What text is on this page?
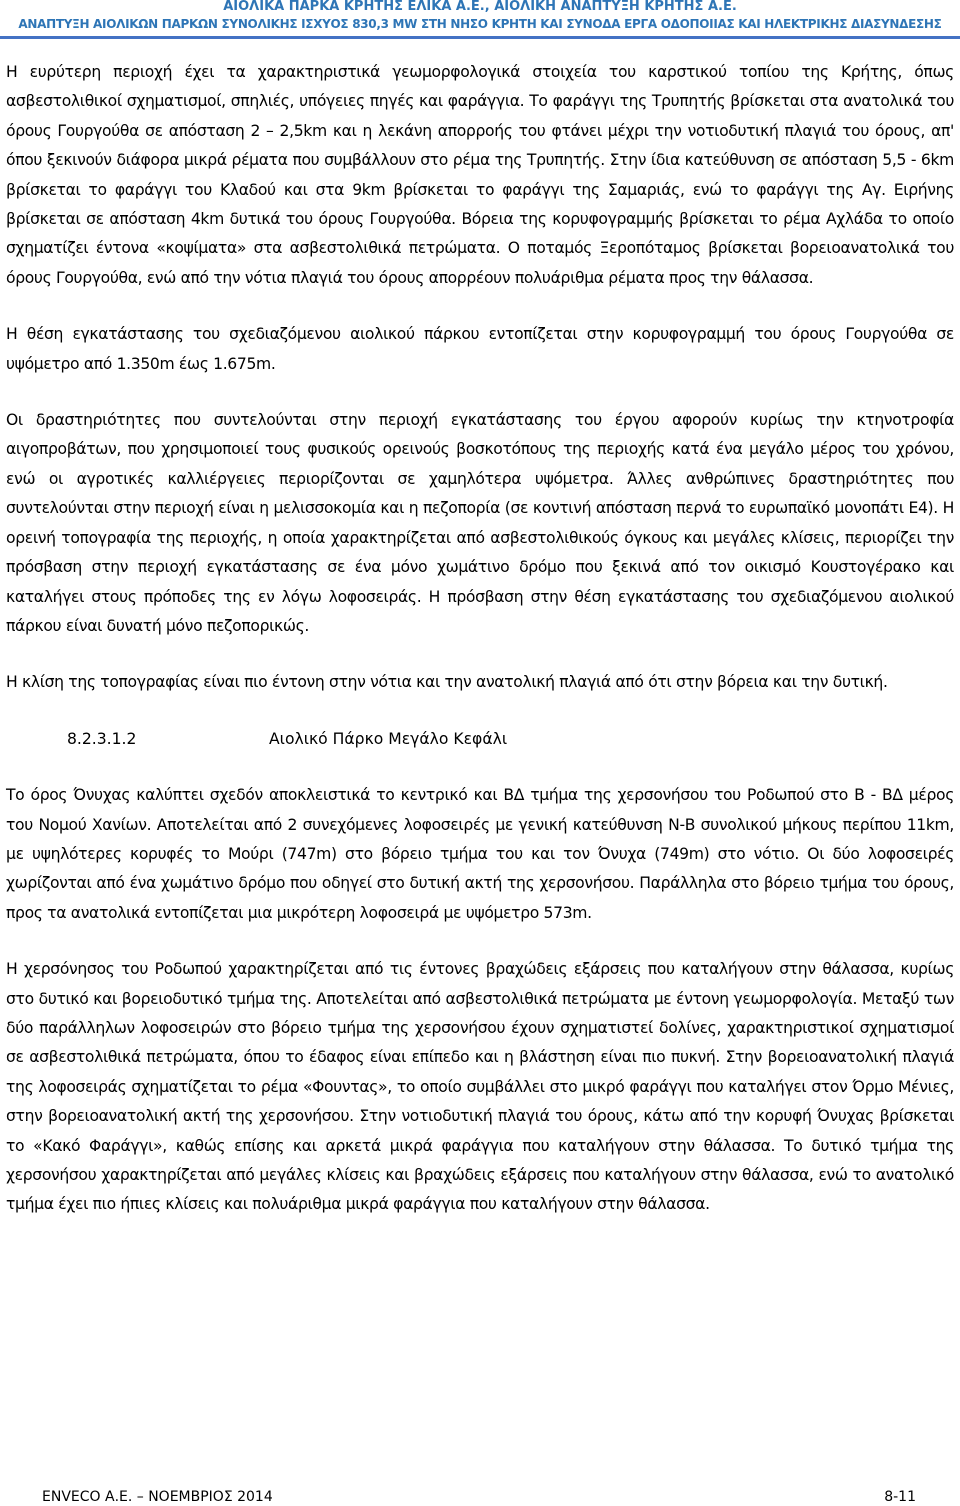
ΑΙΟΛΙΚΑ ΠΑΡΚΑ ΚΡΗΤΗΣ ΕΛΙΚΑ Α.Ε., ΑΙΟΛΙΚΗ ΑΝΑΠΤΥΞΗ ΚΡΗΤΗΣ Α.Ε.
ΑΝΑΠΤΥΞΗ ΑΙΟΛΙΚΩΝ ΠΑΡΚΩΝ ΣΥΝΟΛΙΚΗΣ ΙΣΧΥΟΣ 830,3 MW ΣΤΗ ΝΗΣΟ ΚΡΗΤΗ ΚΑΙ ΣΥΝΟΔΑ ΕΡΓΑ ΟΔΟΠΟΙΙΑΣ ΚΑΙ ΗΛΕΚΤΡΙΚΗΣ ΔΙΑΣΥΝΔΕΣΗΣ

Η ευρύτερη περιοχή έχει τα χαρακτηριστικά γεωμορφολογικά στοιχεία του καρστικού τοπίου της Κρήτης, όπως ασβεστολιθικοί σχηματισμοί, σπηλιές, υπόγειες πηγές και φαράγγια. Το φαράγγι της Τρυπητής βρίσκεται στα ανατολικά του όρους Γουργούθα σε απόσταση 2 – 2,5km και η λεκάνη απορροής του φτάνει μέχρι την νοτιοδυτική πλαγιά του όρους, απ' όπου ξεκινούν διάφορα μικρά ρέματα που συμβάλλουν στο ρέμα της Τρυπητής. Στην ίδια κατεύθυνση σε απόσταση 5,5 - 6km βρίσκεται το φαράγγι του Κλαδού και στα 9km βρίσκεται το φαράγγι της Σαμαριάς, ενώ το φαράγγι της Αγ. Ειρήνης βρίσκεται σε απόσταση 4km δυτικά του όρους Γουργούθα. Βόρεια της κορυφογραμμής βρίσκεται το ρέμα Αχλάδα το οποίο σχηματίζει έντονα «κοψίματα» στα ασβεστολιθικά πετρώματα. Ο ποταμός Ξεροπόταμος βρίσκεται βορειοανατολικά του όρους Γουργούθα, ενώ από την νότια πλαγιά του όρους απορρέουν πολυάριθμα ρέματα προς την θάλασσα.

Η θέση εγκατάστασης του σχεδιαζόμενου αιολικού πάρκου εντοπίζεται στην κορυφογραμμή του όρους Γουργούθα σε υψόμετρο από 1.350m έως 1.675m.

Οι δραστηριότητες που συντελούνται στην περιοχή εγκατάστασης του έργου αφορούν κυρίως την κτηνοτροφία αιγοπροβάτων, που χρησιμοποιεί τους φυσικούς ορεινούς βοσκοτόπους της περιοχής κατά ένα μεγάλο μέρος του χρόνου, ενώ οι αγροτικές καλλιέργειες περιορίζονται σε χαμηλότερα υψόμετρα. Άλλες ανθρώπινες δραστηριότητες που συντελούνται στην περιοχή είναι η μελισσοκομία και η πεζοπορία (σε κοντινή απόσταση περνά το ευρωπαϊκό μονοπάτι Ε4). Η ορεινή τοπογραφία της περιοχής, η οποία χαρακτηρίζεται από ασβεστολιθικούς όγκους και μεγάλες κλίσεις, περιορίζει την πρόσβαση στην περιοχή εγκατάστασης σε ένα μόνο χωμάτινο δρόμο που ξεκινά από τον οικισμό Κουστογέρακο και καταλήγει στους πρόποδες της εν λόγω λοφοσειράς. Η πρόσβαση στην θέση εγκατάστασης του σχεδιαζόμενου αιολικού πάρκου είναι δυνατή μόνο πεζοπορικώς.

Η κλίση της τοπογραφίας είναι πιο έντονη στην νότια και την ανατολική πλαγιά από ότι στην βόρεια και την δυτική.

8.2.3.1.2	Αιολικό Πάρκο Μεγάλο Κεφάλι

Το όρος Όνυχας καλύπτει σχεδόν αποκλειστικά το κεντρικό και ΒΔ τμήμα της χερσονήσου του Ροδωπού στο Β - ΒΔ μέρος του Νομού Χανίων. Αποτελείται από 2 συνεχόμενες λοφοσειρές με γενική κατεύθυνση Ν-Β συνολικού μήκους περίπου 11km, με υψηλότερες κορυφές το Μούρι (747m) στο βόρειο τμήμα του και τον Όνυχα (749m) στο νότιο. Οι δύο λοφοσειρές χωρίζονται από ένα χωμάτινο δρόμο που οδηγεί στο δυτική ακτή της χερσονήσου. Παράλληλα στο βόρειο τμήμα του όρους, προς τα ανατολικά εντοπίζεται μια μικρότερη λοφοσειρά με υψόμετρο 573m.

Η χερσόνησος του Ροδωπού χαρακτηρίζεται από τις έντονες βραχώδεις εξάρσεις που καταλήγουν στην θάλασσα, κυρίως στο δυτικό και βορειοδυτικό τμήμα της. Αποτελείται από ασβεστολιθικά πετρώματα με έντονη γεωμορφολογία. Μεταξύ των δύο παράλληλων λοφοσειρών στο βόρειο τμήμα της χερσονήσου έχουν σχηματιστεί δολίνες, χαρακτηριστικοί σχηματισμοί σε ασβεστολιθικά πετρώματα, όπου το έδαφος είναι επίπεδο και η βλάστηση είναι πιο πυκνή. Στην βορειοανατολική πλαγιά της λοφοσειράς σχηματίζεται το ρέμα «Φουντας», το οποίο συμβάλλει στο μικρό φαράγγι που καταλήγει στον Όρμο Μένιες, στην βορειοανατολική ακτή της χερσονήσου. Στην νοτιοδυτική πλαγιά του όρους, κάτω από την κορυφή Όνυχας βρίσκεται το «Κακό Φαράγγι», καθώς επίσης και αρκετά μικρά φαράγγια που καταλήγουν στην θάλασσα. Το δυτικό τμήμα της χερσονήσου χαρακτηρίζεται από μεγάλες κλίσεις και βραχώδεις εξάρσεις που καταλήγουν στην θάλασσα, ενώ το ανατολικό τμήμα έχει πιο ήπιες κλίσεις και πολυάριθμα μικρά φαράγγια που καταλήγουν στην θάλασσα.

ENVECO Α.Ε. – ΝΟΕΜΒΡΙΟΣ 2014	8-11
